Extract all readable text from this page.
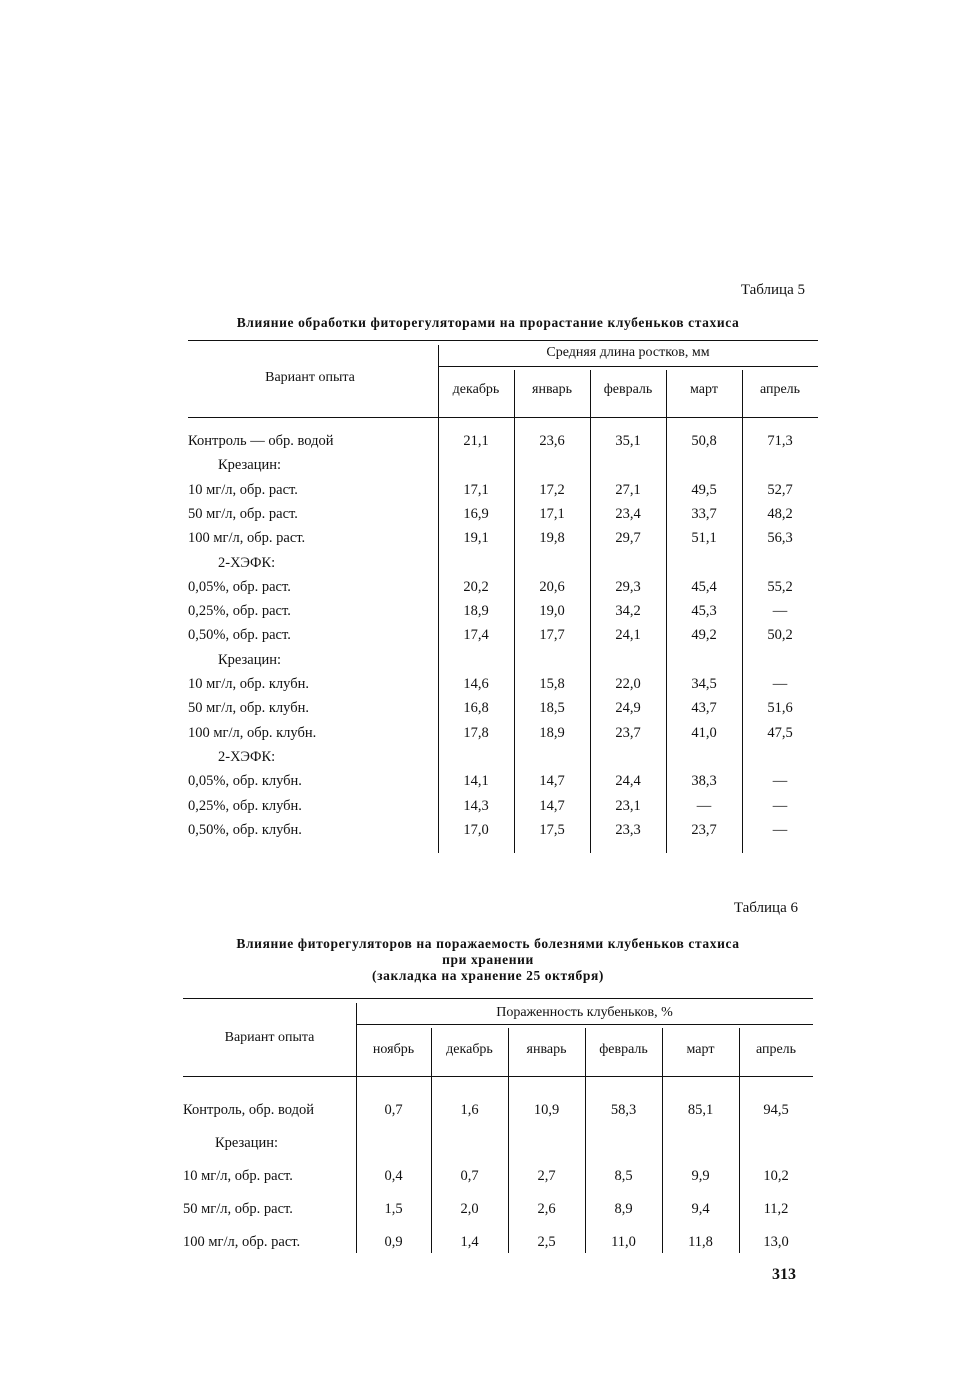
Таблица 5
Влияние обработки фиторегуляторами на прорастание клубеньков стахиса
Вариант опыта
Средняя длина ростков, мм
декабрь	январь	февраль	март	апрель
Контроль — обр. водой	21,1	23,6	35,1	50,8	71,3
Крезацин:
10 мг/л, обр. раст.	17,1	17,2	27,1	49,5	52,7
50 мг/л, обр. раст.	16,9	17,1	23,4	33,7	48,2
100 мг/л, обр. раст.	19,1	19,8	29,7	51,1	56,3
2-ХЭФК:
0,05%, обр. раст.	20,2	20,6	29,3	45,4	55,2
0,25%, обр. раст.	18,9	19,0	34,2	45,3	—
0,50%, обр. раст.	17,4	17,7	24,1	49,2	50,2
Крезацин:
10 мг/л, обр. клубн.	14,6	15,8	22,0	34,5	—
50 мг/л, обр. клубн.	16,8	18,5	24,9	43,7	51,6
100 мг/л, обр. клубн.	17,8	18,9	23,7	41,0	47,5
2-ХЭФК:
0,05%, обр. клубн.	14,1	14,7	24,4	38,3	—
0,25%, обр. клубн.	14,3	14,7	23,1	—	—
0,50%, обр. клубн.	17,0	17,5	23,3	23,7	—
Таблица 6
Влияние фиторегуляторов на поражаемость болезнями клубеньков стахиса
при хранении
(закладка на хранение 25 октября)
Вариант опыта
Пораженность клубеньков, %
ноябрь	декабрь	январь	февраль	март	апрель
Контроль, обр. водой	0,7	1,6	10,9	58,3	85,1	94,5
Крезацин:
10 мг/л, обр. раст.	0,4	0,7	2,7	8,5	9,9	10,2
50 мг/л, обр. раст.	1,5	2,0	2,6	8,9	9,4	11,2
100 мг/л, обр. раст.	0,9	1,4	2,5	11,0	11,8	13,0
313
